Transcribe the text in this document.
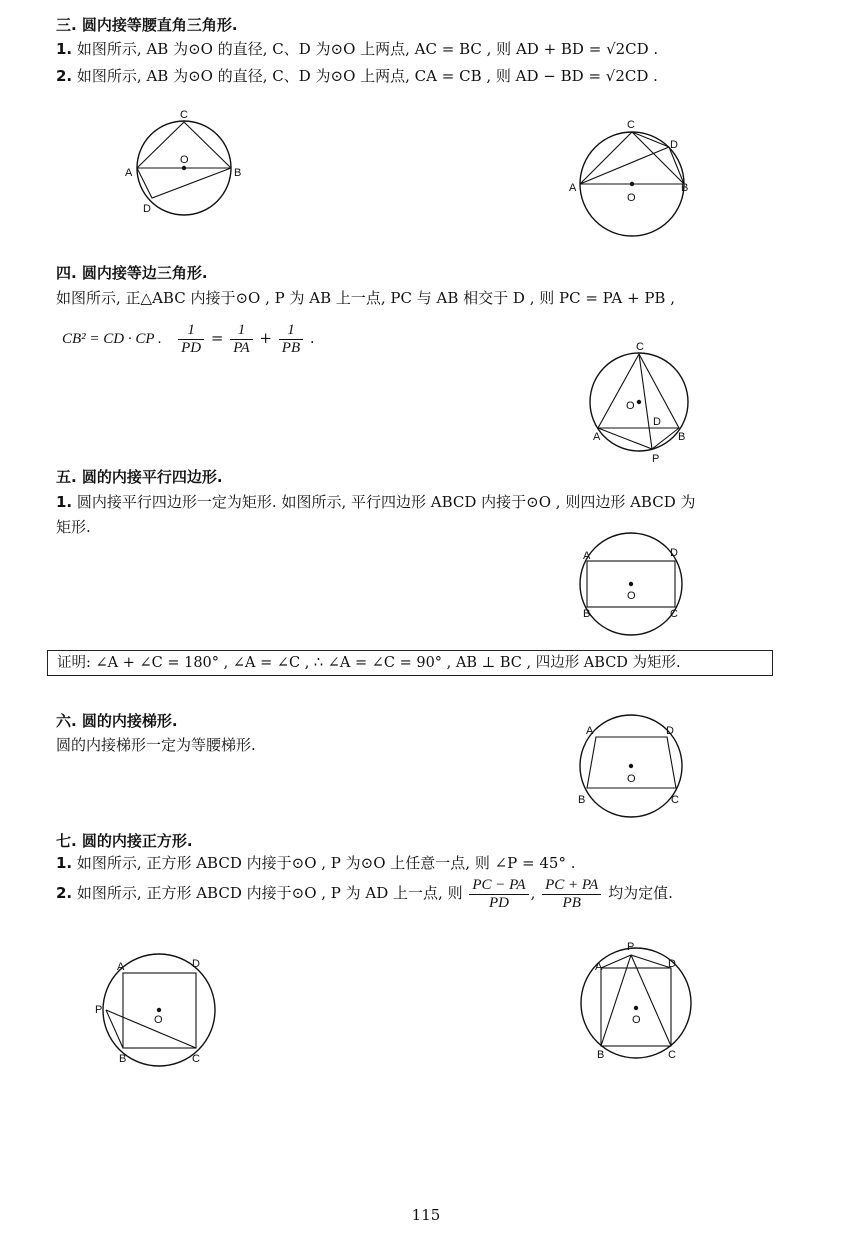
三. 圆内接等腰直角三角形.
1. 如图所示, AB 为⊙O 的直径, C、D 为⊙O 上两点, AC = BC , 则 AD + BD = √2CD .
2. 如图所示, AB 为⊙O 的直径, C、D 为⊙O 上两点, CA = CB , 则 AD − BD = √2CD .
C
O
A	B
D
C
D
A	B
O
四. 圆内接等边三角形.
如图所示, 正△ABC 内接于⊙O , P 为 AB 上一点, PC 与 AB 相交于 D , 则 PC = PA + PB ,
CB² = CD · CP . $\frac{1}{PD} = \frac{1}{PA} + \frac{1}{PB}$ .	C
O
D
A	B
P
五. 圆的内接平行四边形.
1. 圆内接平行四边形一定为矩形. 如图所示, 平行四边形 ABCD 内接于⊙O , 则四边形 ABCD 为
矩形.
A	D
O
B	C
证明: ∠A + ∠C = 180° , ∠A = ∠C , ∴ ∠A = ∠C = 90° , AB ⊥ BC , 四边形 ABCD 为矩形.
六. 圆的内接梯形.
圆的内接梯形一定为等腰梯形.
A	D
O
B	C
七. 圆的内接正方形.
1. 如图所示, 正方形 ABCD 内接于⊙O , P 为⊙O 上任意一点, 则 ∠P = 45° .
2. 如图所示, 正方形 ABCD 内接于⊙O , P 为 AD 上一点, 则 $\frac{PC - PA}{PD}$ , $\frac{PC + PA}{PB}$ 均为定值.
A	D
P
O
B	C
P
A	D
O
B	C
115
